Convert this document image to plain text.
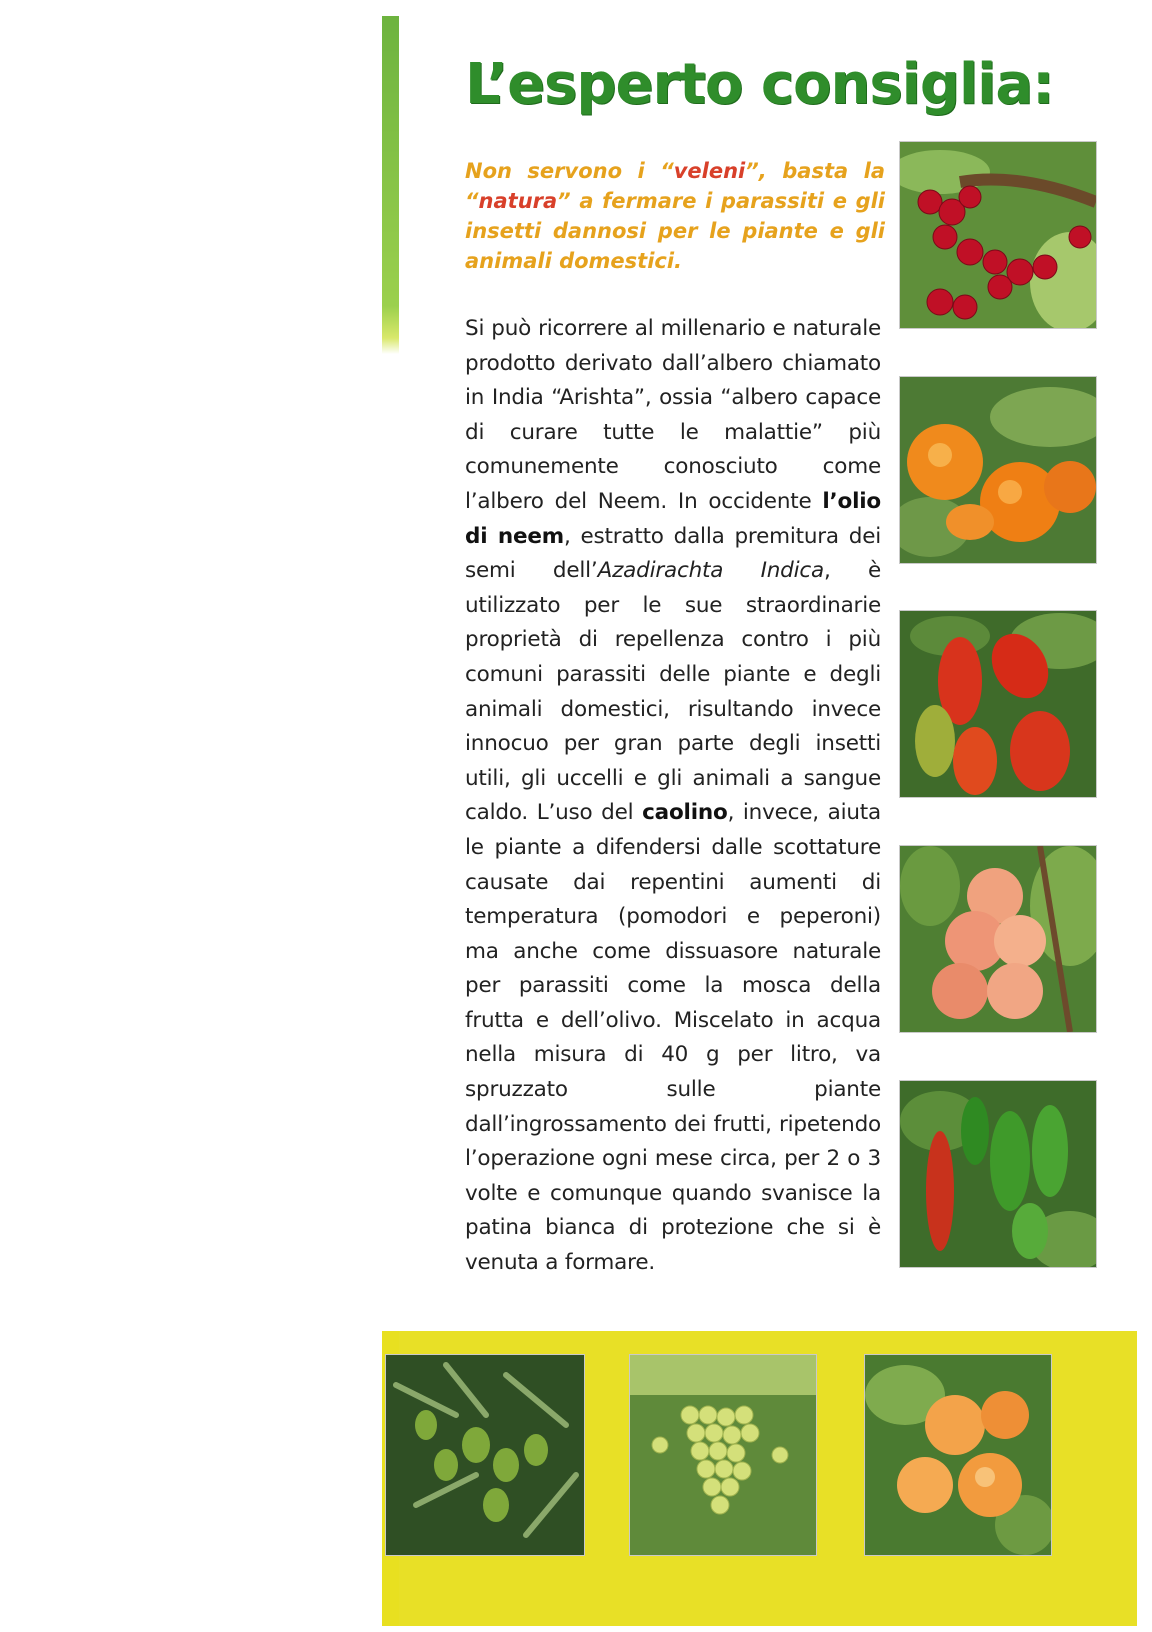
L’esperto consiglia:

Non servono i “veleni”, basta la “natura” a fermare i parassiti e gli insetti dannosi per le piante e gli animali domestici.

Si può ricorrere al millenario e naturale prodotto derivato dall’albero chiamato in India “Arishta”, ossia “albero capace di curare tutte le malattie” più comunemente conosciuto come l’albero del Neem. In occidente l’olio di neem, estratto dalla premitura dei semi dell’Azadirachta Indica, è utilizzato per le sue straordinarie proprietà di repellenza contro i più comuni parassiti delle piante e degli animali domestici, risultando invece innocuo per gran parte degli insetti utili, gli uccelli e gli animali a sangue caldo. L’uso del caolino, invece, aiuta le piante a difendersi dalle scottature causate dai repentini aumenti di temperatura (pomodori e peperoni) ma anche come dissuasore naturale per parassiti come la mosca della frutta e dell’olivo. Miscelato in acqua nella misura di 40 g per litro, va spruzzato sulle piante dall’ingrossamento dei frutti, ripetendo l’operazione ogni mese circa, per 2 o 3 volte e comunque quando svanisce la patina bianca di protezione che si è venuta a formare.
